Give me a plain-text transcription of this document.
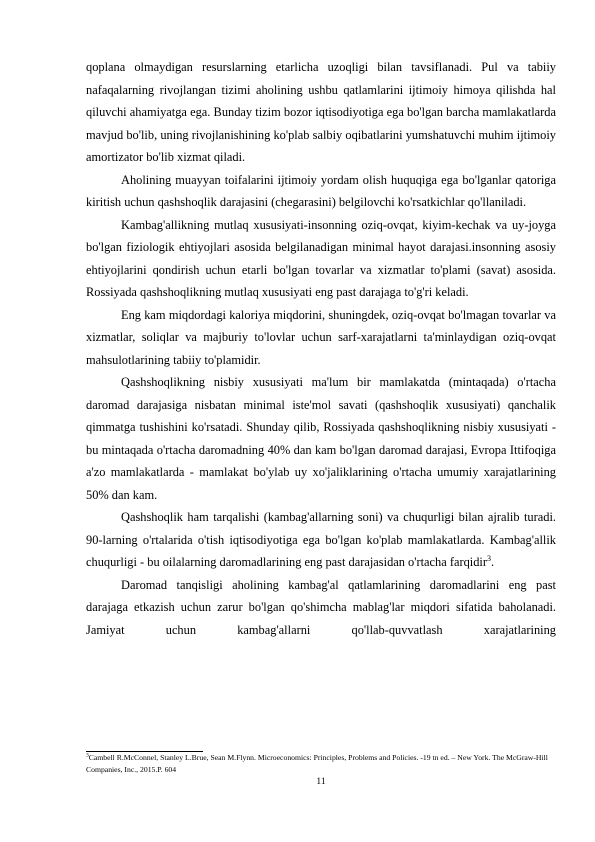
qoplana olmaydigan resurslarning etarlicha uzoqligi bilan tavsiflanadi. Pul va tabiiy nafaqalarning rivojlangan tizimi aholining ushbu qatlamlarini ijtimoiy himoya qilishda hal qiluvchi ahamiyatga ega. Bunday tizim bozor iqtisodiyotiga ega bo'lgan barcha mamlakatlarda mavjud bo'lib, uning rivojlanishining ko'plab salbiy oqibatlarini yumshatuvchi muhim ijtimoiy amortizator bo'lib xizmat qiladi.

Aholining muayyan toifalarini ijtimoiy yordam olish huquqiga ega bo'lganlar qatoriga kiritish uchun qashshoqlik darajasini (chegarasini) belgilovchi ko'rsatkichlar qo'llaniladi.

Kambag'allikning mutlaq xususiyati-insonning oziq-ovqat, kiyim-kechak va uy-joyga bo'lgan fiziologik ehtiyojlari asosida belgilanadigan minimal hayot darajasi.insonning asosiy ehtiyojlarini qondirish uchun etarli bo'lgan tovarlar va xizmatlar to'plami (savat) asosida. Rossiyada qashshoqlikning mutlaq xususiyati eng past darajaga to'g'ri keladi.

Eng kam miqdordagi kaloriya miqdorini, shuningdek, oziq-ovqat bo'lmagan tovarlar va xizmatlar, soliqlar va majburiy to'lovlar uchun sarf-xarajatlarni ta'minlaydigan oziq-ovqat mahsulotlarining tabiiy to'plamidir.

Qashshoqlikning nisbiy xususiyati ma'lum bir mamlakatda (mintaqada) o'rtacha daromad darajasiga nisbatan minimal iste'mol savati (qashshoqlik xususiyati) qanchalik qimmatga tushishini ko'rsatadi. Shunday qilib, Rossiyada qashshoqlikning nisbiy xususiyati - bu mintaqada o'rtacha daromadning 40% dan kam bo'lgan daromad darajasi, Evropa Ittifoqiga a'zo mamlakatlarda - mamlakat bo'ylab uy xo'jaliklarining o'rtacha umumiy xarajatlarining 50% dan kam.

Qashshoqlik ham tarqalishi (kambag'allarning soni) va chuqurligi bilan ajralib turadi. 90-larning o'rtalarida o'tish iqtisodiyotiga ega bo'lgan ko'plab mamlakatlarda. Kambag'allik chuqurligi - bu oilalarning daromadlarining eng past darajasidan o'rtacha farqidir$^3$.

Daromad tanqisligi aholining kambag'al qatlamlarining daromadlarini eng past darajaga etkazish uchun zarur bo'lgan qo'shimcha mablag'lar miqdori sifatida baholanadi. Jamiyat uchun kambag'allarni qo'llab-quvvatlash xarajatlarining

$^3$Cambell R.McConnel, Stanley L.Brue, Sean M.Flynn. Microeconomics: Principles, Problems and Policies. -19 tn ed. – New York. The McGraw-Hill Companies, Inc., 2015.P. 604
11
